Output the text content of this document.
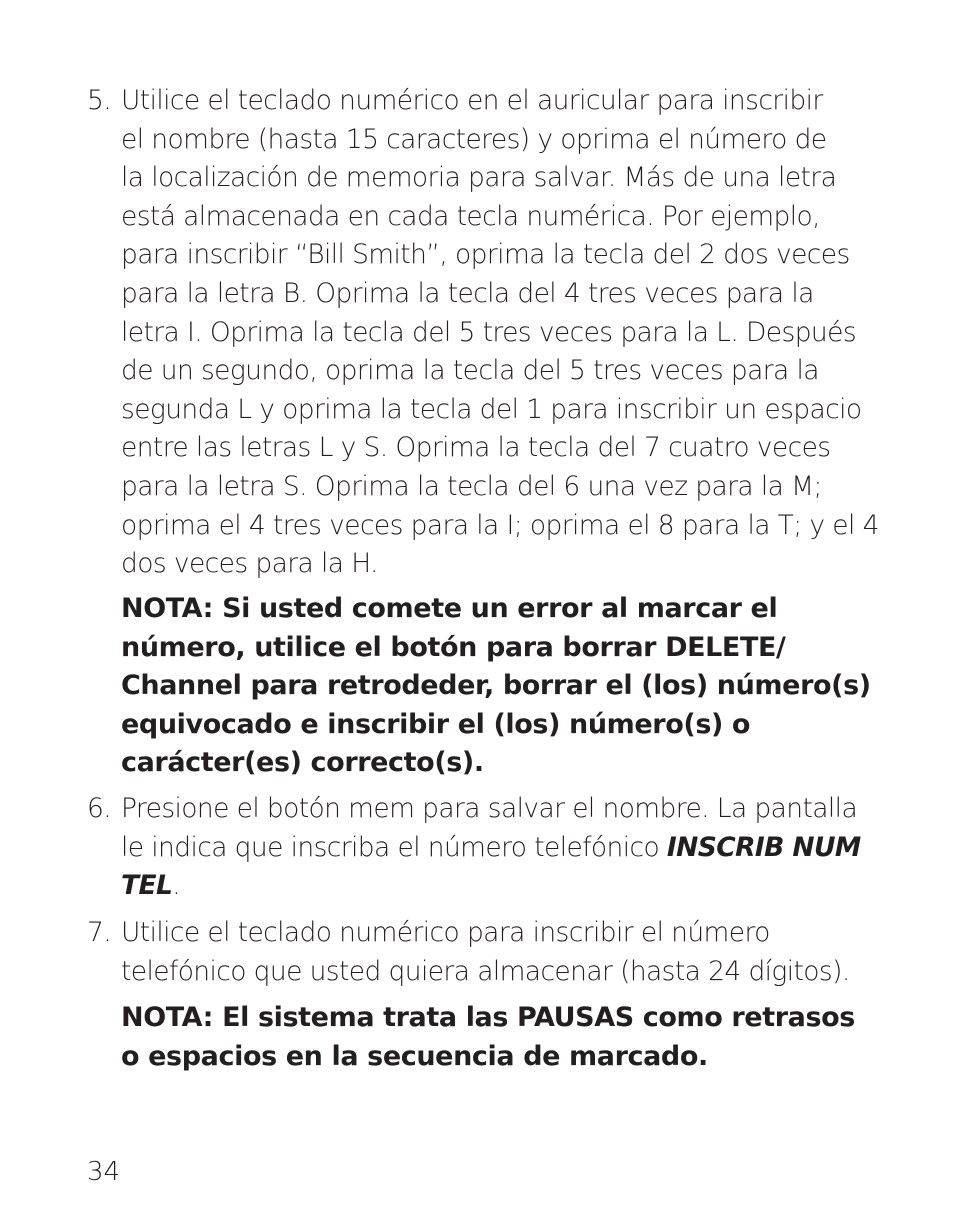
5. Utilice el teclado numérico en el auricular para inscribir
el nombre (hasta 15 caracteres) y oprima el número de
la localización de memoria para salvar. Más de una letra
está almacenada en cada tecla numérica. Por ejemplo,
para inscribir “Bill Smith”, oprima la tecla del 2 dos veces
para la letra B. Oprima la tecla del 4 tres veces para la
letra I. Oprima la tecla del 5 tres veces para la L. Después
de un segundo, oprima la tecla del 5 tres veces para la
segunda L y oprima la tecla del 1 para inscribir un espacio
entre las letras L y S. Oprima la tecla del 7 cuatro veces
para la letra S. Oprima la tecla del 6 una vez para la M;
oprima el 4 tres veces para la I; oprima el 8 para la T; y el 4
dos veces para la H.
NOTA: Si usted comete un error al marcar el
número, utilice el botón para borrar DELETE/
Channel para retrodeder, borrar el (los) número(s)
equivocado e inscribir el (los) número(s) o
carácter(es) correcto(s).
6. Presione el botón mem para salvar el nombre. La pantalla
le indica que inscriba el número telefónico INSCRIB NUM
TEL.
7. Utilice el teclado numérico para inscribir el número
telefónico que usted quiera almacenar (hasta 24 dígitos).
NOTA: El sistema trata las PAUSAS como retrasos
o espacios en la secuencia de marcado.
34
